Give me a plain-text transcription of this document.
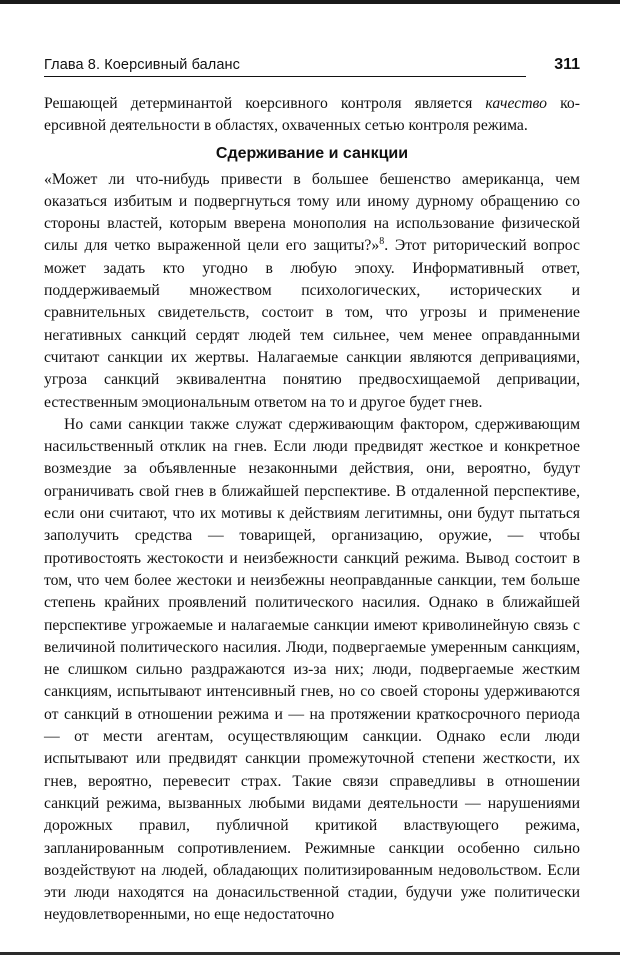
Глава 8. Коерсивный баланс	311

Решающей детерминантой коерсивного контроля является качество коерсивной деятельности в областях, охваченных сетью контроля режима.

Сдерживание и санкции

«Может ли что-нибудь привести в большее бешенство американца, чем оказаться избитым и подвергнуться тому или иному дурному обращению со стороны властей, которым вверена монополия на использование физической силы для четко выраженной цели его защиты?»$^8$. Этот риторический вопрос может задать кто угодно в любую эпоху. Информативный ответ, поддерживаемый множеством психологических, исторических и сравнительных свидетельств, состоит в том, что угрозы и применение негативных санкций сердят людей тем сильнее, чем менее оправданными считают санкции их жертвы. Налагаемые санкции являются депривациями, угроза санкций эквивалентна понятию предвосхищаемой депривации, естественным эмоциональным ответом на то и другое будет гнев.

Но сами санкции также служат сдерживающим фактором, сдерживающим насильственный отклик на гнев. Если люди предвидят жесткое и конкретное возмездие за объявленные незаконными действия, они, вероятно, будут ограничивать свой гнев в ближайшей перспективе. В отдаленной перспективе, если они считают, что их мотивы к действиям легитимны, они будут пытаться заполучить средства — товарищей, организацию, оружие, — чтобы противостоять жестокости и неизбежности санкций режима. Вывод состоит в том, что чем более жестоки и неизбежны неоправданные санкции, тем больше степень крайних проявлений политического насилия. Однако в ближайшей перспективе угрожаемые и налагаемые санкции имеют криволинейную связь с величиной политического насилия. Люди, подвергаемые умеренным санкциям, не слишком сильно раздражаются из-за них; люди, подвергаемые жестким санкциям, испытывают интенсивный гнев, но со своей стороны удерживаются от санкций в отношении режима и — на протяжении краткосрочного периода — от мести агентам, осуществляющим санкции. Однако если люди испытывают или предвидят санкции промежуточной степени жесткости, их гнев, вероятно, перевесит страх. Такие связи справедливы в отношении санкций режима, вызванных любыми видами деятельности — нарушениями дорожных правил, публичной критикой властвующего режима, запланированным сопротивлением. Режимные санкции особенно сильно воздействуют на людей, обладающих политизированным недовольством. Если эти люди находятся на донасильственной стадии, будучи уже политически неудовлетворенными, но еще недостаточно
